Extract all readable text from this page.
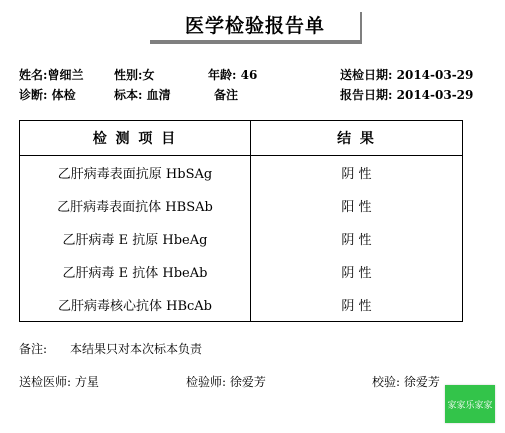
医学检验报告单
姓名:曾细兰	性别:女	年龄: 46	送检日期: 2014-03-29
诊断: 体检	标本: 血清	备注	报告日期: 2014-03-29
检 测 项 目	结 果
乙肝病毒表面抗原 HbSAg	阴 性
乙肝病毒表面抗体 HBSAb	阳 性
乙肝病毒 E 抗原 HbeAg	阴 性
乙肝病毒 E 抗体 HbeAb	阴 性
乙肝病毒核心抗体 HBcAb	阴 性
备注: 本结果只对本次标本负责
送检医师: 方星	检验师: 徐爱芳	校验: 徐爱芳
家家乐家家
